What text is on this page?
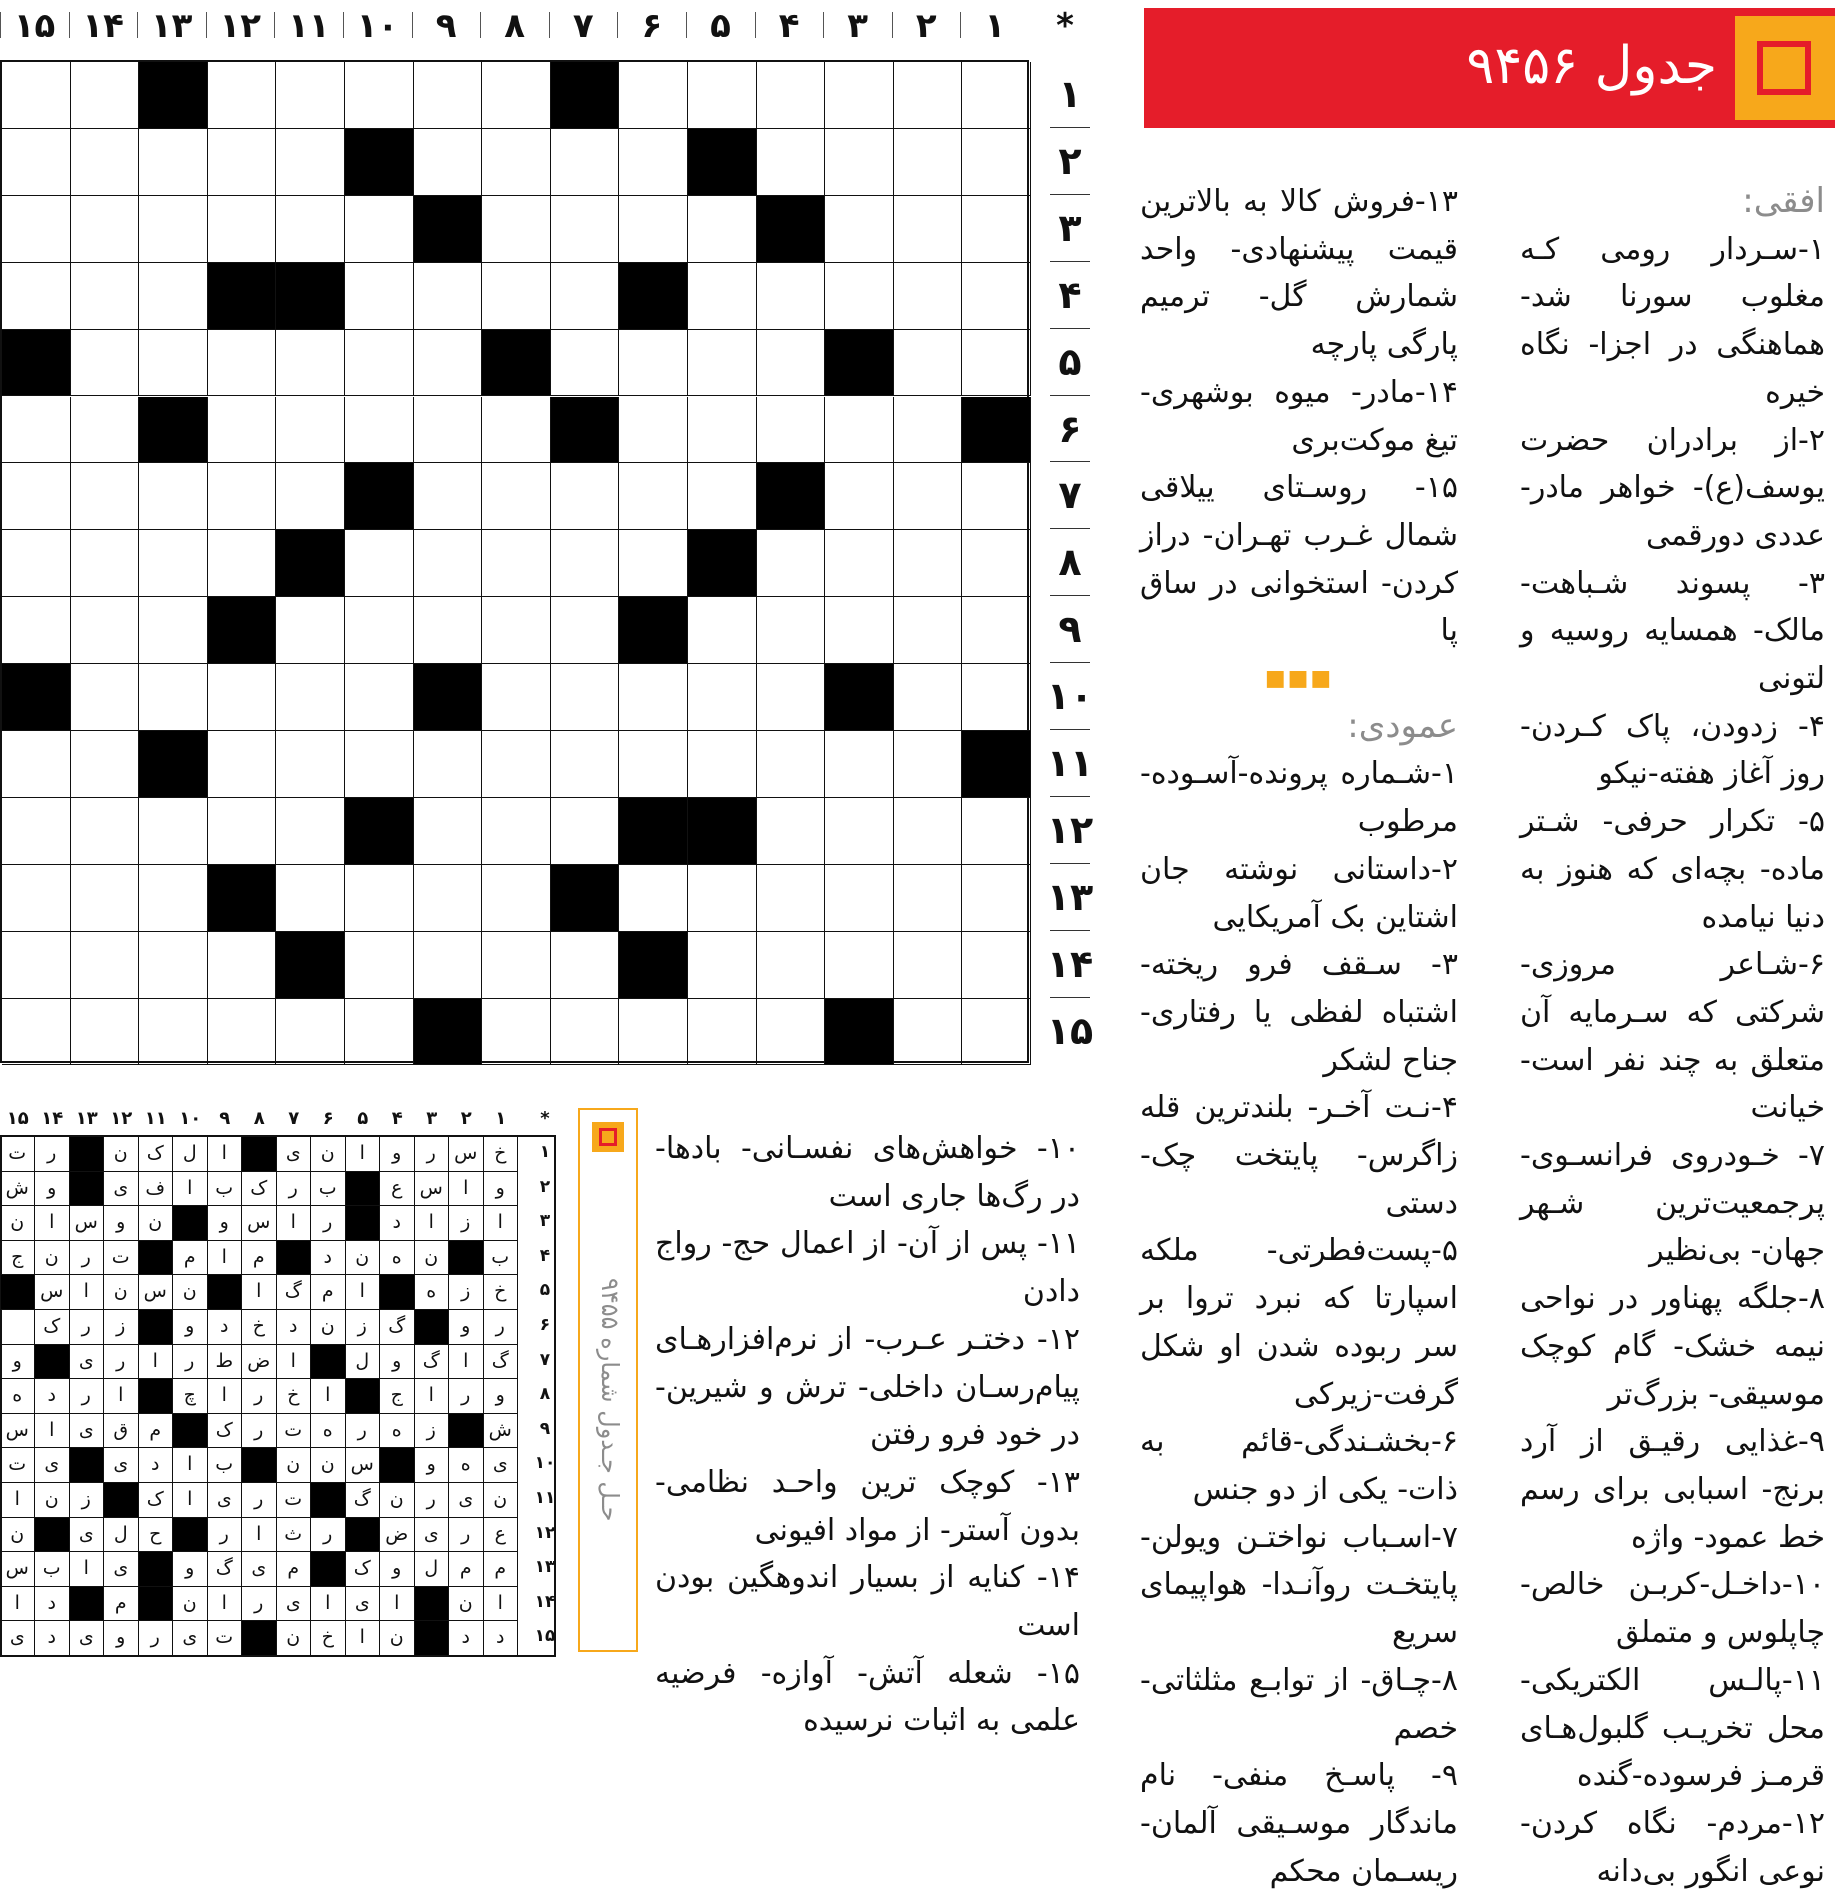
*
۱
۲
۳
۴
۵
۶
۷
۸
۹
۱۰
۱۱
۱۲
۱۳
۱۴
۱۵
۱
۲
۳
۴
۵
۶
۷
۸
۹
۱۰
۱۱
۱۲
۱۳
۱۴
۱۵
جدول ۹۴۵۶
افقی:
۱-سـردار رومی کـه مغلوب سورنا شد- هماهنگی در اجزا- نگاه خیره
۲-از برادران حضرت یوسف(ع)- خواهر مادر-عددی دورقمی
۳- پسوند شـباهت- مالک- همسایه روسیه و لتونی
۴- زدودن، پاک کـردن- روز آغاز هفته-نیکو
۵- تکرار حرفی- شـتر ماده- بچه‌ای که هنوز به دنیا نیامده
۶-شـاعر مروزی- شرکتی که سـرمایه آن متعلق به چند نفر است-خیانت
۷- خـودروی فرانسـوی- پرجمعیت‌ترین شـهر جهان- بی‌نظیر
۸-جلگه پهناور در نواحی نیمه خشک- گام کوچک موسیقی- بزرگ‌تر
۹-غذایی رقیـق از آرد برنج- اسبابی برای رسم خط عمود- واژه
۱۰-داخـل-کربـن خالص- چاپلوس و متملق
۱۱-پالـس الکتریکی- محل تخریـب گلبول‌هـای قرمـز فرسوده-گنده
۱۲-مردم- نگاه کردن-نوعی انگور بی‌دانه
۱۳-فروش کالا به بالاترین قیمت پیشنهادی- واحد شمارش گل- ترمیم پارگی پارچه
۱۴-مادر- میوه بوشهری- تیغ موکت‌بری
۱۵- روسـتای ییلاقی شمال غـرب تهـران- دراز کردن- استخوانی در ساق پا
■■■
عمودی:
۱-شـماره پرونده-آسـوده- مرطوب
۲-داستانی نوشته جان اشتاین بک آمریکایی
۳- سـقف فرو ریخته-اشتباه لفظی یا رفتاری- جناح لشکر
۴-نـت آخـر- بلندترین قله زاگرس- پایتخت چک-دستی
۵-پست‌فطرتی- ملکه اسپارتا که نبرد تروا بر سر ربوده شدن او شکل گرفت-زیرکی
۶-بخشـندگی-قائم به ذات- یکی از دو جنس
۷-اسـباب نواختـن ویولن- پایتخـت روآنـدا- هواپیمای سریع
۸-چـاق- از توابـع مثلثاتی- خصم
۹- پاسـخ منفی- نام ماندگار موسـیقی آلمان- ریسـمان محکم
۱۰- خواهش‌های نفسـانی- بادها- در رگ‌ها جاری است
۱۱- پس از آن- از اعمال حج- رواج دادن
۱۲- دختـر عـرب- از نرم‌افزارهـای پیام‌رسـان داخلی- ترش و شیرین- در خود فرو رفتن
۱۳- کوچک ترین واحـد نظامی- بدون آستر- از مواد افیونی
۱۴- کنایه از بسیار اندوهگین بودن است
۱۵- شعله آتش- آوازه- فرضیه علمی به اثبات نرسیده
*
۱
۲
۳
۴
۵
۶
۷
۸
۹
۱۰
۱۱
۱۲
۱۳
۱۴
۱۵
خ
س
ر
و
ا
ن
ی
ا
ل
ک
ن
ر
ت
و
ا
س
ع
ب
ر
ک
ب
ا
ف
ی
و
ش
ا
ز
ا
د
ر
ا
س
و
ن
و
س
ا
ن
ب
ن
ه
ن
د
م
ا
م
ت
ر
ن
ج
خ
ز
ه
ا
م
گ
ا
ن
س
ن
ا
س
ر
و
گ
ز
ن
د
خ
د
و
ز
ر
ک
گ
ا
گ
و
ل
ا
ض
ط
ر
ا
ر
ی
و
و
ر
ا
ج
ا
خ
ر
ا
چ
ا
ر
د
ه
ش
ز
ه
ر
ه
ت
ر
ک
م
ق
ی
ا
س
ی
ه
و
س
ن
ن
ب
ا
د
ی
ی
ت
ن
ی
ر
ن
گ
ت
ر
ی
ا
ک
ز
ن
ا
ع
ر
ی
ض
ر
ث
ا
ر
ح
ل
ی
ن
م
م
ل
و
ک
م
ی
گ
و
ی
ا
ب
س
ا
ن
ا
ی
ا
ی
ر
ا
ن
م
د
ا
د
د
ن
ا
خ
ن
ت
ی
ر
و
ی
د
ی
۱
۲
۳
۴
۵
۶
۷
۸
۹
۱۰
۱۱
۱۲
۱۳
۱۴
۱۵
حـل جـدول شماره ۹۴۵۵
